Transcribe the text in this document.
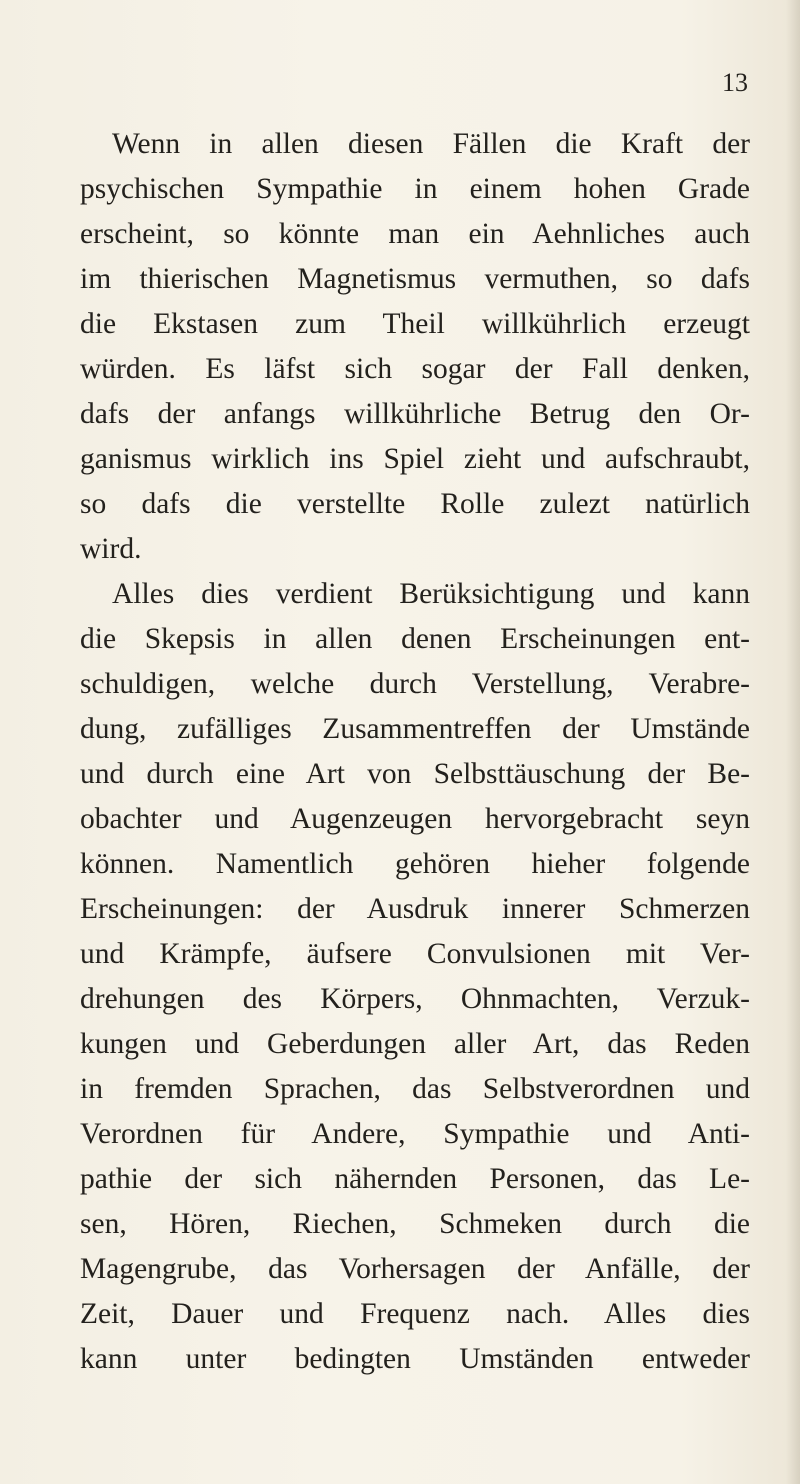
13
Wenn in allen diesen Fällen die Kraft der
psychischen Sympathie in einem hohen Grade
erscheint, so könnte man ein Aehnliches auch
im thierischen Magnetismus vermuthen, so dafs
die Ekstasen zum Theil willkührlich erzeugt
würden. Es läfst sich sogar der Fall denken,
dafs der anfangs willkührliche Betrug den Or-
ganismus wirklich ins Spiel zieht und aufschraubt,
so dafs die verstellte Rolle zulezt natürlich
wird.
Alles dies verdient Berüksichtigung und kann
die Skepsis in allen denen Erscheinungen ent-
schuldigen, welche durch Verstellung, Verabre-
dung, zufälliges Zusammentreffen der Umstände
und durch eine Art von Selbsttäuschung der Be-
obachter und Augenzeugen hervorgebracht seyn
können. Namentlich gehören hieher folgende
Erscheinungen: der Ausdruk innerer Schmerzen
und Krämpfe, äufsere Convulsionen mit Ver-
drehungen des Körpers, Ohnmachten, Verzuk-
kungen und Geberdungen aller Art, das Reden
in fremden Sprachen, das Selbstverordnen und
Verordnen für Andere, Sympathie und Anti-
pathie der sich nähernden Personen, das Le-
sen, Hören, Riechen, Schmeken durch die
Magengrube, das Vorhersagen der Anfälle, der
Zeit, Dauer und Frequenz nach. Alles dies
kann unter bedingten Umständen entweder
